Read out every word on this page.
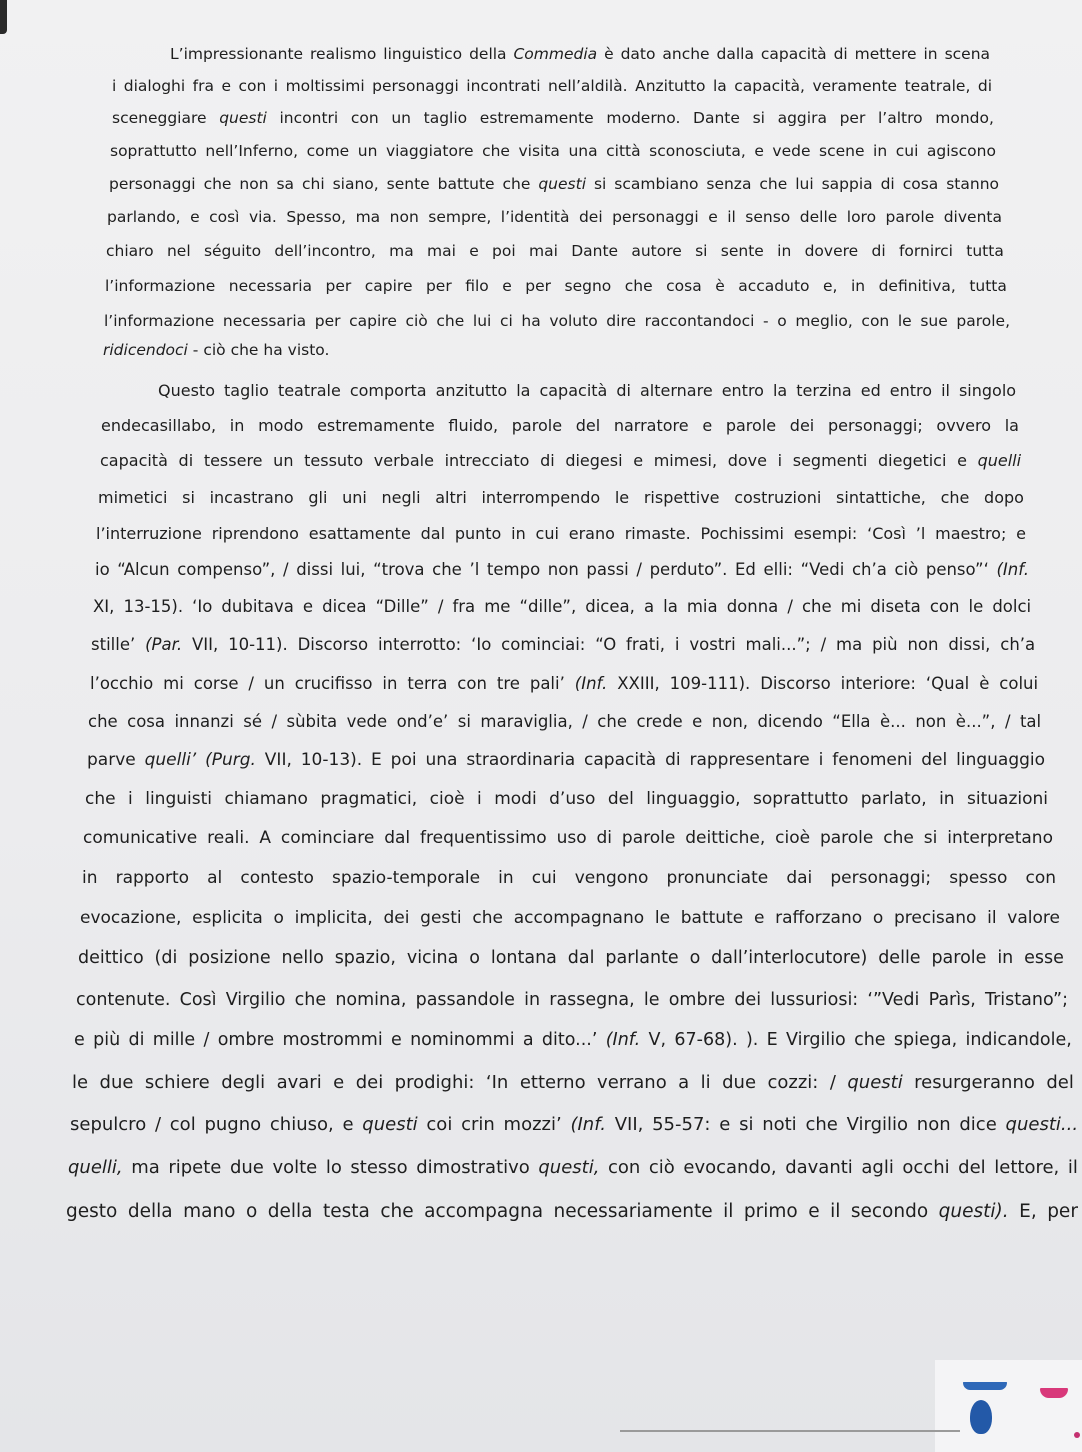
L’impressionante realismo linguistico della Commedia è dato anche dalla capacità di mettere in scena
i dialoghi fra e con i moltissimi personaggi incontrati nell’aldilà. Anzitutto la capacità, veramente teatrale, di
sceneggiare questi incontri con un taglio estremamente moderno. Dante si aggira per l’altro mondo,
soprattutto nell’Inferno, come un viaggiatore che visita una città sconosciuta, e vede scene in cui agiscono
personaggi che non sa chi siano, sente battute che questi si scambiano senza che lui sappia di cosa stanno
parlando, e così via. Spesso, ma non sempre, l’identità dei personaggi e il senso delle loro parole diventa
chiaro nel séguito dell’incontro, ma mai e poi mai Dante autore si sente in dovere di fornirci tutta
l’informazione necessaria per capire per filo e per segno che cosa è accaduto e, in definitiva, tutta
l’informazione necessaria per capire ciò che lui ci ha voluto dire raccontandoci - o meglio, con le sue parole,
ridicendoci - ciò che ha visto.
Questo taglio teatrale comporta anzitutto la capacità di alternare entro la terzina ed entro il singolo
endecasillabo, in modo estremamente fluido, parole del narratore e parole dei personaggi; ovvero la
capacità di tessere un tessuto verbale intrecciato di diegesi e mimesi, dove i segmenti diegetici e quelli
mimetici si incastrano gli uni negli altri interrompendo le rispettive costruzioni sintattiche, che dopo
l’interruzione riprendono esattamente dal punto in cui erano rimaste. Pochissimi esempi: ‘Così ’l maestro; e
io “Alcun compenso”, / dissi lui, “trova che ’l tempo non passi / perduto”. Ed elli: “Vedi ch’a ciò penso”‘ (Inf.
XI, 13-15). ‘Io dubitava e dicea “Dille” / fra me “dille”, dicea, a la mia donna / che mi diseta con le dolci
stille’ (Par. VII, 10-11). Discorso interrotto: ‘Io cominciai: “O frati, i vostri mali...”; / ma più non dissi, ch’a
l’occhio mi corse / un crucifisso in terra con tre pali’ (Inf. XXIII, 109-111). Discorso interiore: ‘Qual è colui
che cosa innanzi sé / sùbita vede ond’e’ si maraviglia, / che crede e non, dicendo “Ella è... non è...”, / tal
parve quelli’ (Purg. VII, 10-13). E poi una straordinaria capacità di rappresentare i fenomeni del linguaggio
che i linguisti chiamano pragmatici, cioè i modi d’uso del linguaggio, soprattutto parlato, in situazioni
comunicative reali. A cominciare dal frequentissimo uso di parole deittiche, cioè parole che si interpretano
in rapporto al contesto spazio-temporale in cui vengono pronunciate dai personaggi; spesso con
evocazione, esplicita o implicita, dei gesti che accompagnano le battute e rafforzano o precisano il valore
deittico (di posizione nello spazio, vicina o lontana dal parlante o dall’interlocutore) delle parole in esse
contenute. Così Virgilio che nomina, passandole in rassegna, le ombre dei lussuriosi: ‘”Vedi Parìs, Tristano”;
e più di mille / ombre mostrommi e nominommi a dito...’ (Inf. V, 67-68). ). E Virgilio che spiega, indicandole,
le due schiere degli avari e dei prodighi: ‘In etterno verrano a li due cozzi: / questi resurgeranno del
sepulcro / col pugno chiuso, e questi coi crin mozzi’ (Inf. VII, 55-57: e si noti che Virgilio non dice questi...
quelli, ma ripete due volte lo stesso dimostrativo questi, con ciò evocando, davanti agli occhi del lettore, il
gesto della mano o della testa che accompagna necessariamente il primo e il secondo questi). E, per
